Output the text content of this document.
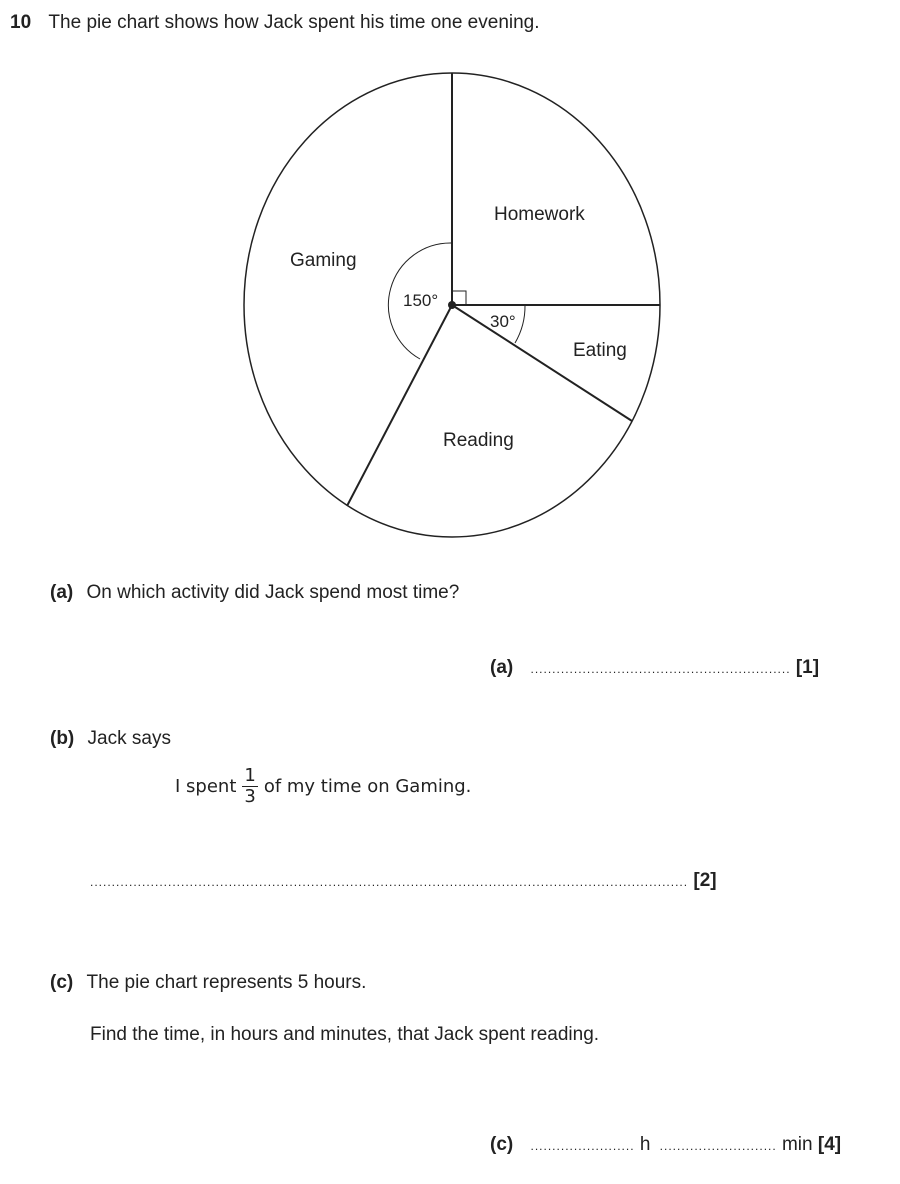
10 The pie chart shows how Jack spent his time one evening.
Homework
Gaming
Eating
Reading
150°
30°
(a) On which activity did Jack spend most time?
(a) ............................................................ [1]
(b) Jack says
I spent $\frac{1}{3}$ of my time on Gaming.
.......................................................................................................................................... [2]
(c) The pie chart represents 5 hours.
Find the time, in hours and minutes, that Jack spent reading.
(c) ........................ h ........................... min [4]
